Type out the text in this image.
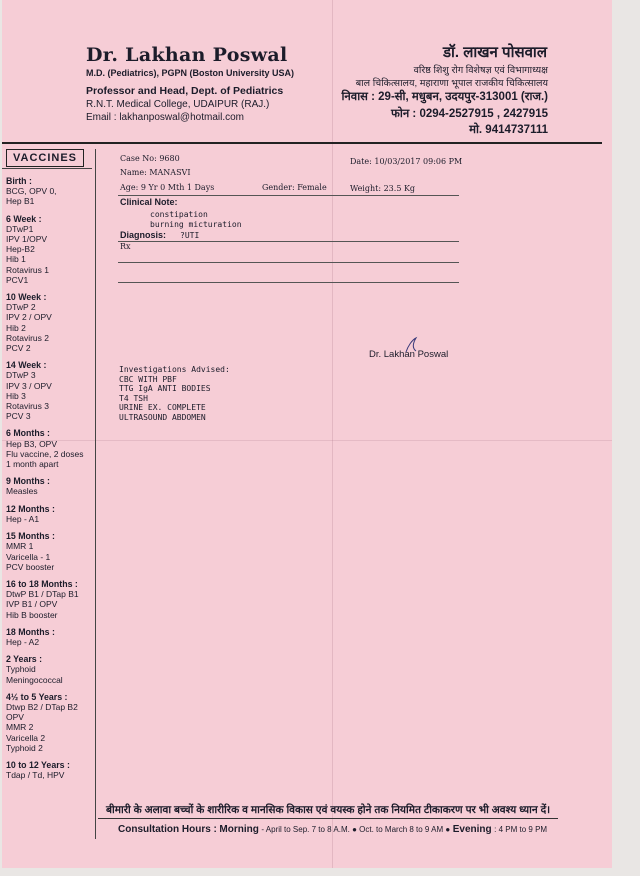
Dr. Lakhan Poswal
M.D. (Pediatrics), PGPN (Boston University USA)
Professor and Head, Dept. of Pediatrics
R.N.T. Medical College, UDAIPUR (RAJ.)
Email : lakhanposwal@hotmail.com
डॉ. लाखन पोसवाल
वरिष्ठ शिशु रोग विशेषज्ञ एवं विभागाध्यक्ष
बाल चिकित्सालय, महाराणा भूपाल राजकीय चिकित्सालय
निवास : 29-सी, मधुबन, उदयपुर-313001 (राज.)
फोन : 0294-2527915 , 2427915
मो. 9414737111
VACCINES
Birth :
BCG, OPV 0,
Hep B1
6 Week :
DTwP1
IPV 1/OPV
Hep-B2
Hib 1
Rotavirus 1
PCV1
10 Week :
DTwP 2
IPV 2 / OPV
Hib 2
Rotavirus 2
PCV 2
14 Week :
DTwP 3
IPV 3 / OPV
Hib 3
Rotavirus 3
PCV 3
6 Months :
Hep B3, OPV
Flu vaccine, 2 doses
1 month apart
9 Months :
Measles
12 Months :
Hep - A1
15 Months :
MMR 1
Varicella - 1
PCV booster
16 to 18 Months :
DtwP B1 / DTap B1
IVP B1 / OPV
Hib B booster
18 Months :
Hep - A2
2 Years :
Typhoid
Meningococcal
4½ to 5 Years :
Dtwp B2 / DTap B2
OPV
MMR 2
Varicella 2
Typhoid 2
10 to 12 Years :
Tdap / Td, HPV
Case No: 9680	Date: 10/03/2017 09:06 PM
Name: MANASVI
Age: 9 Yr 0 Mth 1 Days	Gender: Female	Weight: 23.5 Kg
Clinical Note:
constipation
burning micturation
Diagnosis: ?UTI
Rx
Dr. Lakhan Poswal
Investigations Advised:
CBC WITH PBF
TTG IgA ANTI BODIES
T4 TSH
URINE EX. COMPLETE
ULTRASOUND ABDOMEN
बीमारी के अलावा बच्चों के शारीरिक व मानसिक विकास एवं वयस्क होने तक नियमित टीकाकरण पर भी अवश्य ध्यान दें।
Consultation Hours : Morning - April to Sep. 7 to 8 A.M. ● Oct. to March 8 to 9 AM ● Evening : 4 PM to 9 PM
